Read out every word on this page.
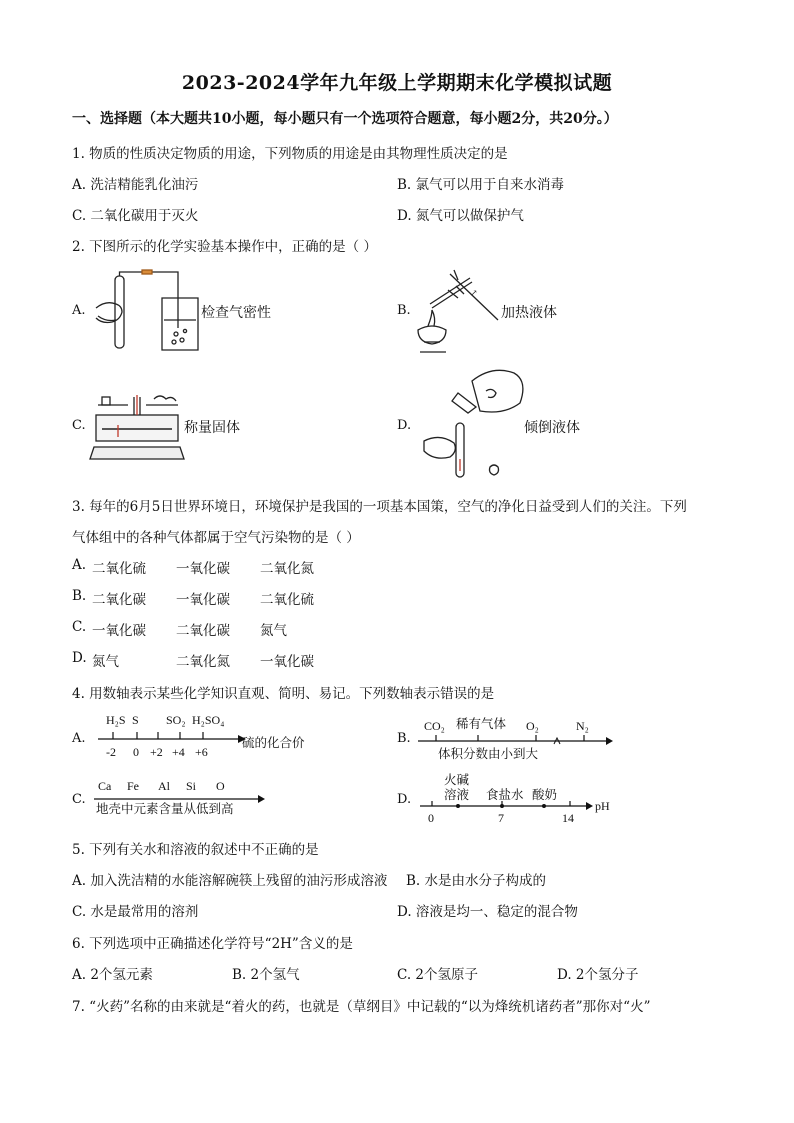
2023-2024学年九年级上学期期末化学模拟试题
一、选择题（本大题共10小题，每小题只有一个选项符合题意，每小题2分，共20分。）
1. 物质的性质决定物质的用途，下列物质的用途是由其物理性质决定的是
A. 洗洁精能乳化油污	B. 氯气可以用于自来水消毒
C. 二氧化碳用于灭火	D. 氮气可以做保护气
2. 下图所示的化学实验基本操作中，正确的是（ ）
A.	检查气密性	B.
↗
加热液体
C.	称量固体	D.	倾倒液体
3. 每年的6月5日世界环境日，环境保护是我国的一项基本国策，空气的净化日益受到人们的关注。下列
气体组中的各种气体都属于空气污染物的是（ ）
A. 二氧化硫 一氧化碳 二氧化氮
B. 二氧化碳 一氧化碳 二氧化硫
C. 一氧化碳 二氧化碳 氮气
D. 氮气	二氧化氮 一氧化碳
4. 用数轴表示某些化学知识直观、简明、易记。下列数轴表示错误的是
A.
H₂S S SO₂ H₂SO₄
-2 0 +2 +4 +6
硫的化合价	B.
CO₂ 稀有气体 O₂	N₂
体积分数由小到大
C.
Ca Fe Al Si O
地壳中元素含量从低到高
D.
火碱
溶液 食盐水 酸奶
0	7	14
pH
5. 下列有关水和溶液的叙述中不正确的是
A. 加入洗洁精的水能溶解碗筷上残留的油污形成溶液 B. 水是由水分子构成的
C. 水是最常用的溶剂	D. 溶液是均一、稳定的混合物
6. 下列选项中正确描述化学符号“2H”含义的是
A. 2个氢元素	B. 2个氢气	C. 2个氢原子	D. 2个氢分子
7. “火药”名称的由来就是“着火的药，也就是（草纲目》中记载的“以为烽统机诸药者”那你对“火”
